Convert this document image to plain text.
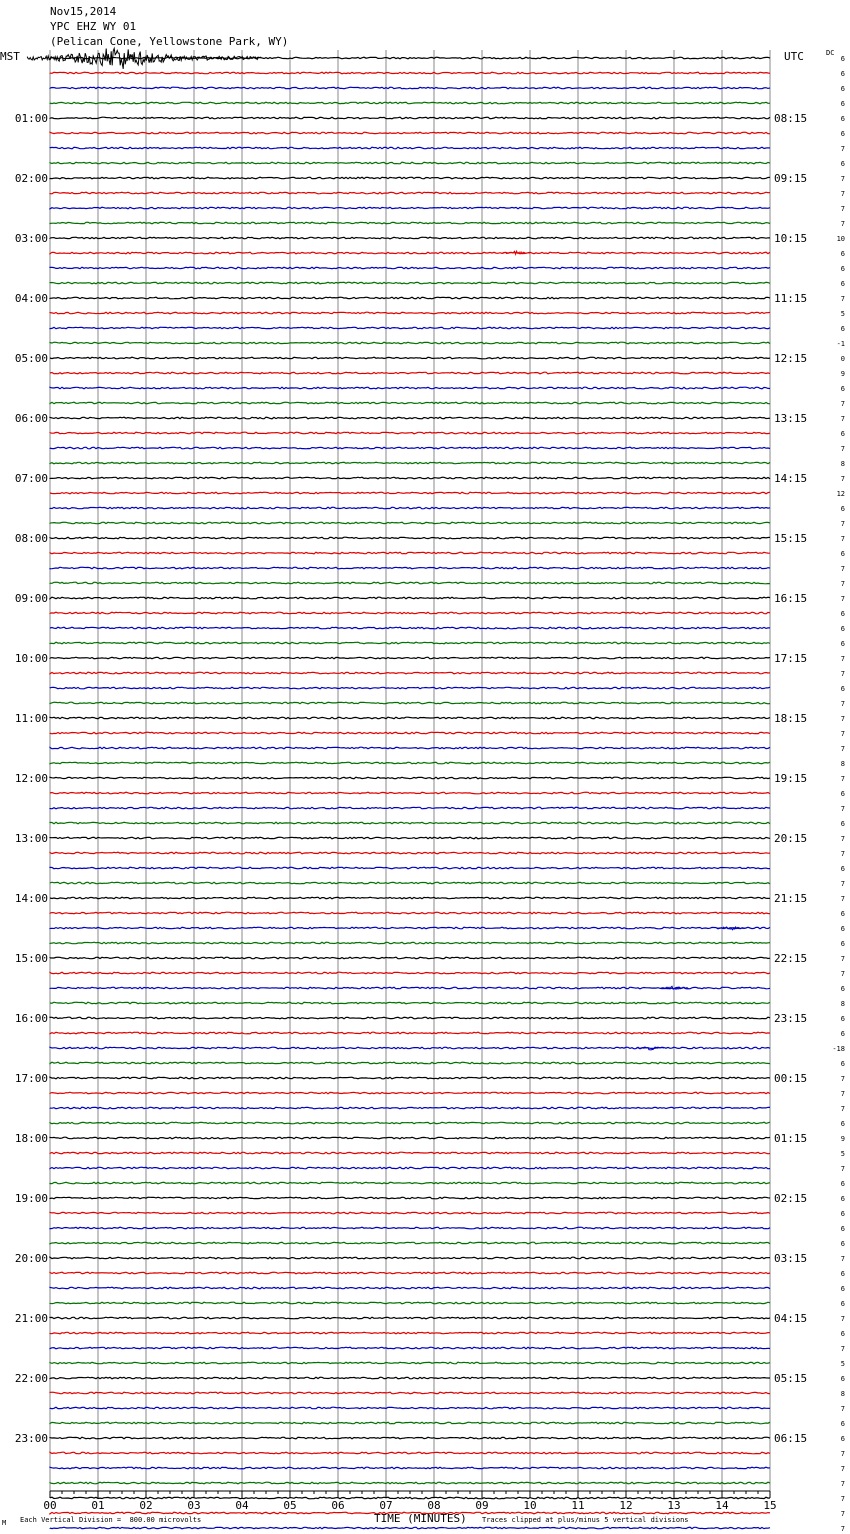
Nov15,2014
YPC EHZ WY 01
(Pelican Cone, Yellowstone Park, WY)
MST	UTC	DC
00	01	02	03	04	05	06	07	08	09	10	11	12	13	14	15
6
6
6
6
6
6
7
6
7
7
7
7
10
6
6
6
7
5
6
-1
0
9
6
7
7
6
7
8
7
12
6
7
7
6
7
7
7
6
6
6
7
7
6
7
7
7
7
8
7
6
7
6
7
7
6
7
7
6
6
6
7
7
6
8
6
6
-18
6
7
7
7
6
9
5
7
6
6
6
6
6
7
6
6
6
7
6
7
5
6
8
7
6
6
7
7
7
7
7
7
01:00
02:00
03:00
04:00
05:00
06:00
07:00
08:00
09:00
10:00
11:00
12:00
13:00
14:00
15:00
16:00
17:00
18:00
19:00
20:00
21:00
22:00
23:00
08:15
09:15
10:15
11:15
12:15
13:15
14:15
15:15
16:15
17:15
18:15
19:15
20:15
21:15
22:15
23:15
00:15
01:15
02:15
03:15
04:15
05:15
06:15
M Each Vertical Division =  800.00 microvolts	TIME (MINUTES) Traces clipped at plus/minus 5 vertical divisions
